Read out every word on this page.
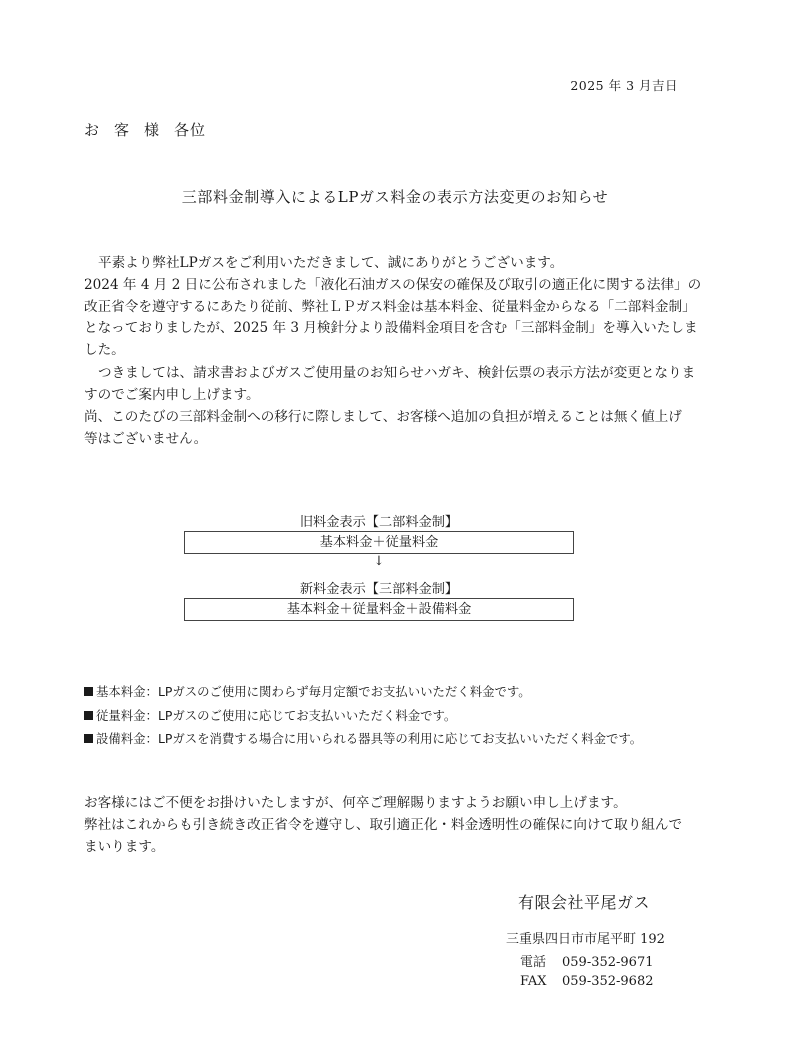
2025 年 3 月吉日
お 客 様 各位
三部料金制導入によるLPガス料金の表示方法変更のお知らせ
平素より弊社LPガスをご利用いただきまして、誠にありがとうございます。
2024 年 4 月 2 日に公布されました「液化石油ガスの保安の確保及び取引の適正化に関する法律」の
改正省令を遵守するにあたり従前、弊社ＬＰガス料金は基本料金、従量料金からなる「二部料金制」
となっておりましたが、2025 年 3 月検針分より設備料金項目を含む「三部料金制」を導入いたしま
した。
つきましては、請求書およびガスご使用量のお知らせハガキ、検針伝票の表示方法が変更となりま
すのでご案内申し上げます。
尚、このたびの三部料金制への移行に際しまして、お客様へ追加の負担が増えることは無く値上げ
等はございません。
旧料金表示【二部料金制】
基本料金＋従量料金
↓
新料金表示【三部料金制】
基本料金＋従量料金＋設備料金
基本料金：LPガスのご使用に関わらず毎月定額でお支払いいただく料金です。
従量料金：LPガスのご使用に応じてお支払いいただく料金です。
設備料金：LPガスを消費する場合に用いられる器具等の利用に応じてお支払いいただく料金です。
お客様にはご不便をお掛けいたしますが、何卒ご理解賜りますようお願い申し上げます。
弊社はこれからも引き続き改正省令を遵守し、取引適正化・料金透明性の確保に向けて取り組んで
まいります。
有限会社平尾ガス
三重県四日市市尾平町 192
電話 059-352-9671
FAX 059-352-9682
